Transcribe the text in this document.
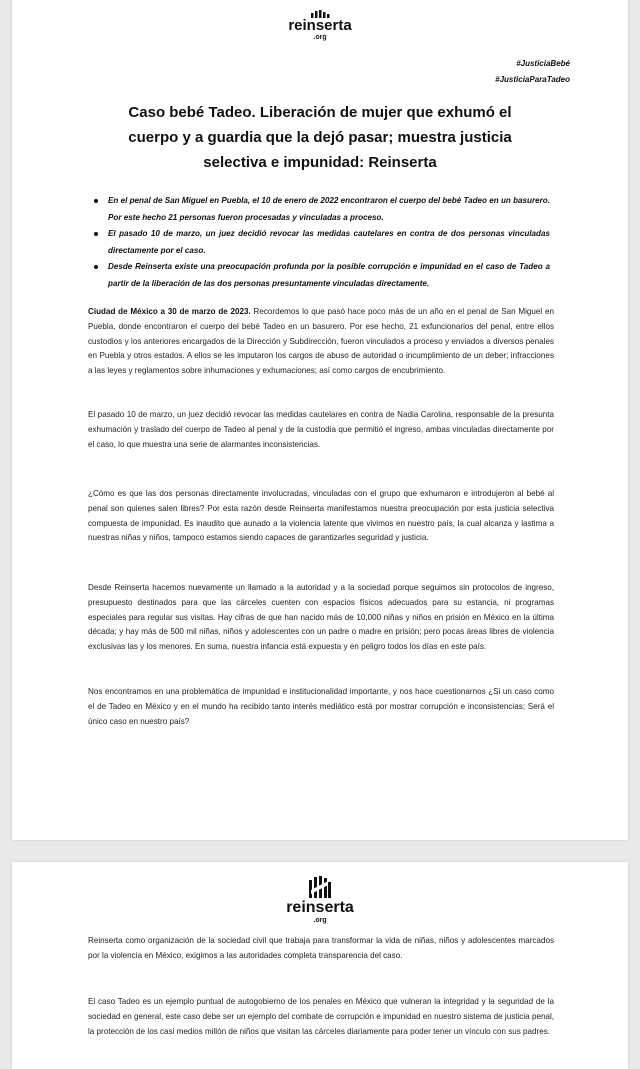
reinserta
.org
#JusticiaBebé
#JusticiaParaTadeo
Caso bebé Tadeo. Liberación de mujer que exhumó el cuerpo y a guardia que la dejó pasar; muestra justicia selectiva e impunidad: Reinserta
En el penal de San Miguel en Puebla, el 10 de enero de 2022 encontraron el cuerpo del bebé Tadeo en un basurero. Por este hecho 21 personas fueron procesadas y vinculadas a proceso.
El pasado 10 de marzo, un juez decidió revocar las medidas cautelares en contra de dos personas vinculadas directamente por el caso.
Desde Reinserta existe una preocupación profunda por la posible corrupción e impunidad en el caso de Tadeo a partir de la liberación de las dos personas presuntamente vinculadas directamente.

Ciudad de México a 30 de marzo de 2023. Recordemos lo que pasó hace poco más de un año en el penal de San Miguel en Puebla, donde encontraron el cuerpo del bebé Tadeo en un basurero. Por ese hecho, 21 exfuncionarios del penal, entre ellos custodios y los anteriores encargados de la Dirección y Subdirección, fueron vinculados a proceso y enviados a diversos penales en Puebla y otros estados. A ellos se les imputaron los cargos de abuso de autoridad o incumplimiento de un deber; infracciones a las leyes y reglamentos sobre inhumaciones y exhumaciones; así como cargos de encubrimiento.

El pasado 10 de marzo, un juez decidió revocar las medidas cautelares en contra de Nadia Carolina, responsable de la presunta exhumación y traslado del cuerpo de Tadeo al penal y de la custodia que permitió el ingreso, ambas vinculadas directamente por el caso, lo que muestra una serie de alarmantes inconsistencias.

¿Cómo es que las dos personas directamente involucradas, vinculadas con el grupo que exhumaron e introdujeron al bebé al penal son quienes salen libres? Por esta razón desde Reinserta manifestamos nuestra preocupación por esta justicia selectiva compuesta de impunidad. Es inaudito que aunado a la violencia latente que vivimos en nuestro país, la cual alcanza y lastima a nuestras niñas y niños, tampoco estamos siendo capaces de garantizarles seguridad y justicia.

Desde Reinserta hacemos nuevamente un llamado a la autoridad y a la sociedad porque seguimos sin protocolos de ingreso, presupuesto destinados para que las cárceles cuenten con espacios físicos adecuados para su estancia, ni programas especiales para regular sus visitas. Hay cifras de que han nacido más de 10,000 niñas y niños en prisión en México en la última década; y hay más de 500 mil niñas, niños y adolescentes con un padre o madre en prisión; pero pocas áreas libres de violencia exclusivas las y los menores. En suma, nuestra infancia está expuesta y en peligro todos los días en este país.

Nos encontramos en una problemática de impunidad e institucionalidad importante, y nos hace cuestionarnos ¿Si un caso como el de Tadeo en México y en el mundo ha recibido tanto interés mediático está por mostrar corrupción e inconsistencias; Será el único caso en nuestro país?

reinserta
.org

Reinserta como organización de la sociedad civil que trabaja para transformar la vida de niñas, niños y adolescentes marcados por la violencia en México, exigimos a las autoridades completa transparencia del caso.

El caso Tadeo es un ejemplo puntual de autogobierno de los penales en México que vulneran la integridad y la seguridad de la sociedad en general, este caso debe ser un ejemplo del combate de corrupción e impunidad en nuestro sistema de justicia penal, la protección de los casi medios millón de niños que visitan las cárceles diariamente para poder tener un vínculo con sus padres.
